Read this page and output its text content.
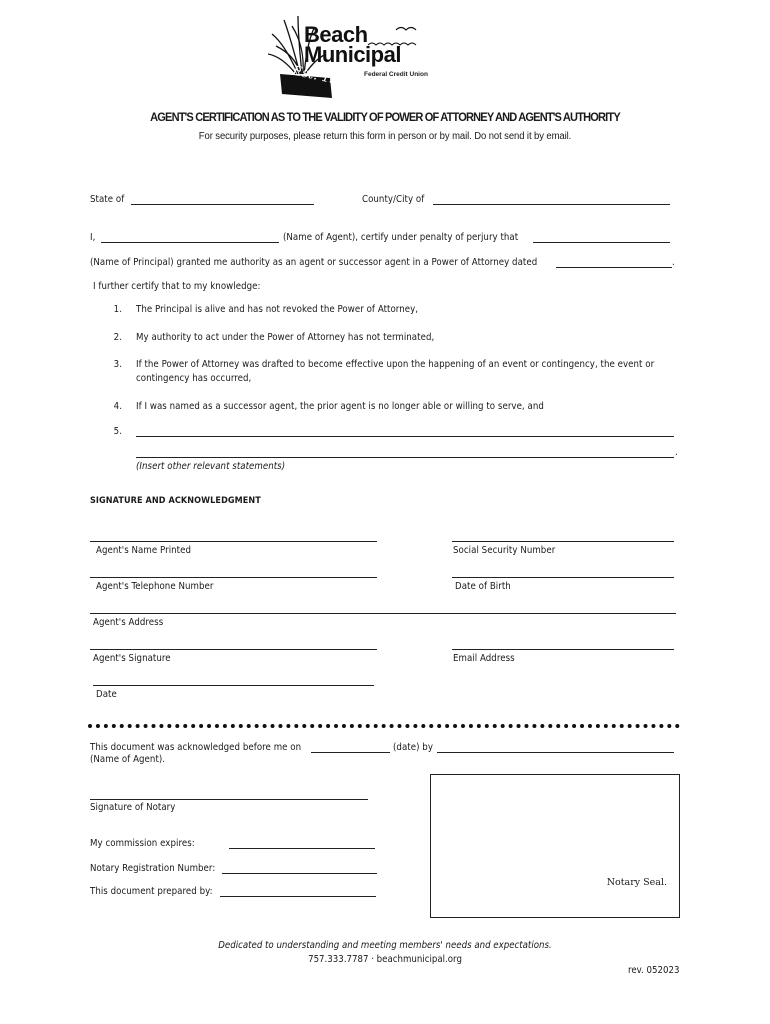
Beach
Municipal
Federal Credit Union
Est. 1970
AGENT'S CERTIFICATION AS TO THE VALIDITY OF POWER OF ATTORNEY AND AGENT'S AUTHORITY
For security purposes, please return this form in person or by mail. Do not send it by email.
State of	County/City of
I,	(Name of Agent), certify under penalty of perjury that
(Name of Principal) granted me authority as an agent or successor agent in a Power of Attorney dated	.
I further certify that to my knowledge:
1. The Principal is alive and has not revoked the Power of Attorney,
2. My authority to act under the Power of Attorney has not terminated,
3. If the Power of Attorney was drafted to become effective upon the happening of an event or contingency, the event or
contingency has occurred,
4. If I was named as a successor agent, the prior agent is no longer able or willing to serve, and
5.
.
(Insert other relevant statements)
SIGNATURE AND ACKNOWLEDGMENT
Agent's Name Printed	Social Security Number
Agent's Telephone Number	Date of Birth
Agent's Address
Agent's Signature	Email Address
Date
This document was acknowledged before me on	(date) by
(Name of Agent).
Signature of Notary
My commission expires:
Notary Registration Number:
This document prepared by:
Notary Seal.
Dedicated to understanding and meeting members' needs and expectations.
757.333.7787 · beachmunicipal.org
rev. 052023
